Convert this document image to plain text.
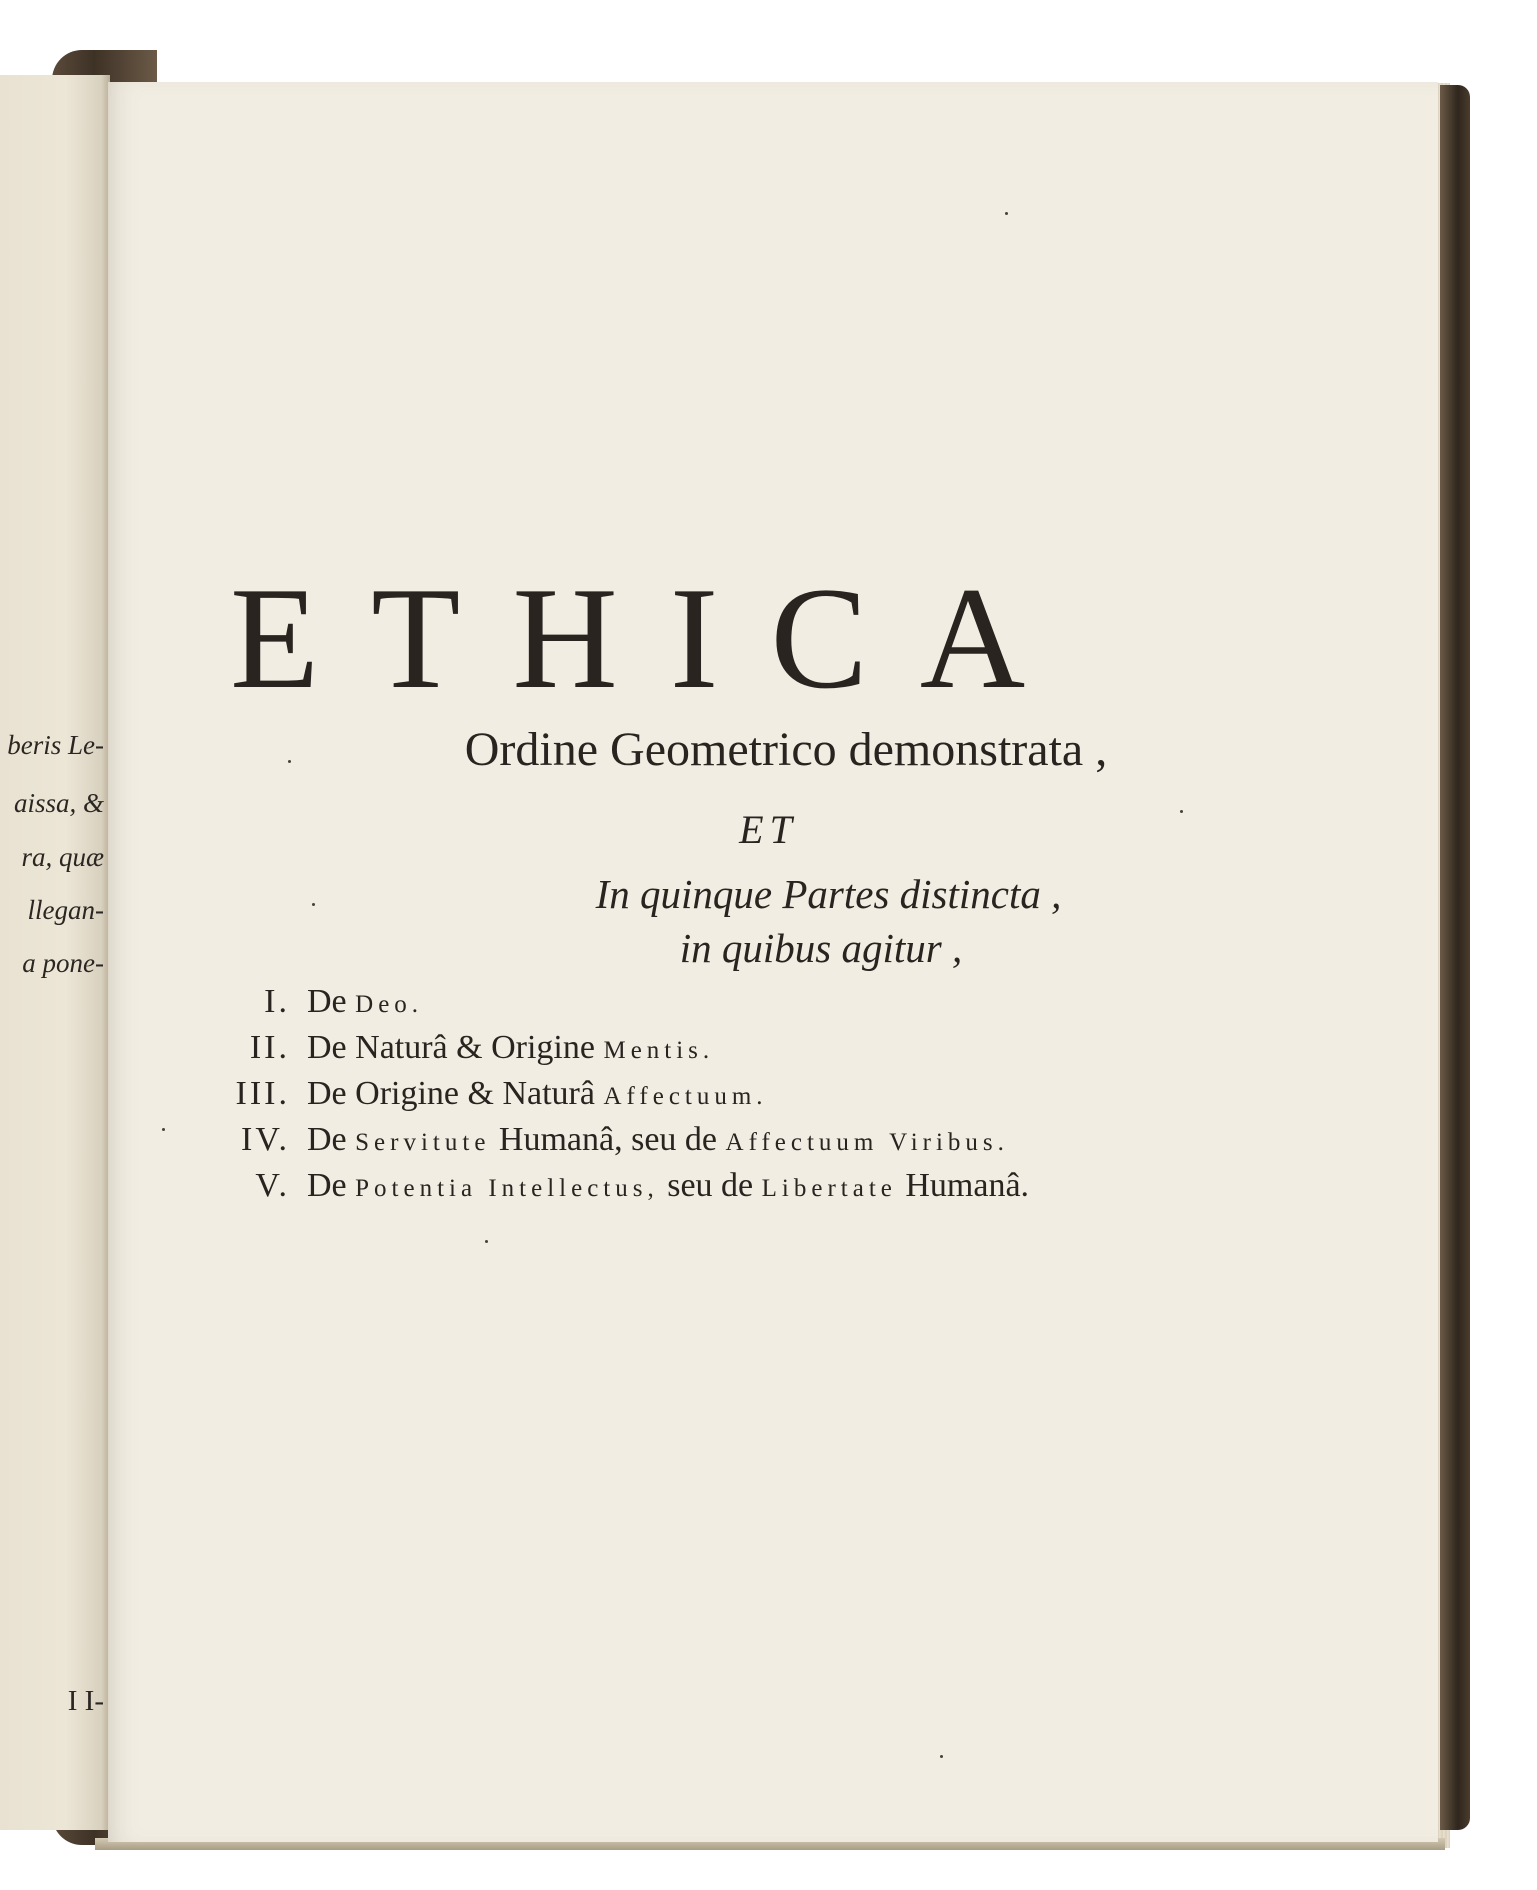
beris Le-
aissa, &
ra, quæ
llegan-
a pone-
I I-
ETHICA
Ordine Geometrico demonstrata ,
ET
In quinque Partes distincta ,
in quibus agitur ,
I. De Deo.
II. De Naturâ & Origine Mentis.
III. De Origine & Naturâ Affectuum.
IV. De Servitute Humanâ, seu de Affectuum Viribus.
V. De Potentia Intellectus, seu de Libertate Humanâ.
